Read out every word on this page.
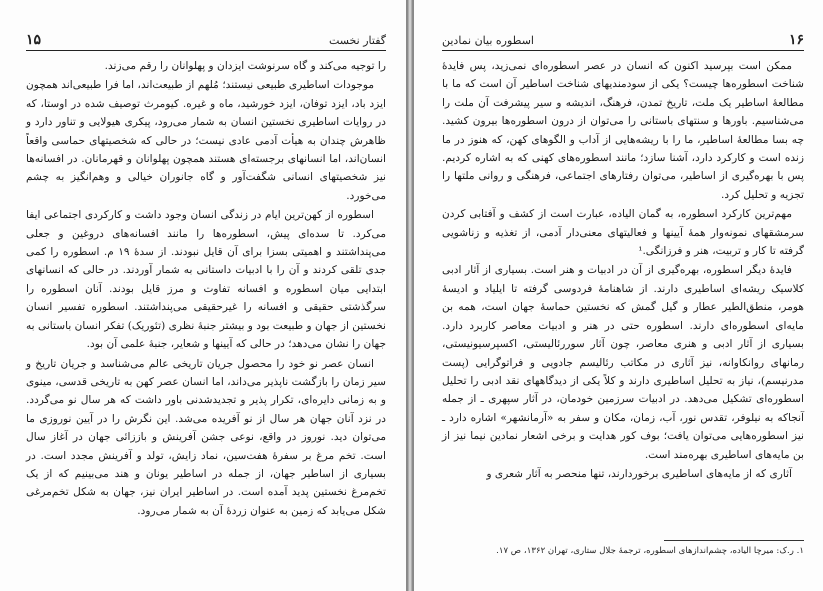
۱۵	گفتار نخست

را توجیه می‌کند و گاه سرنوشت ایزدان و پهلوانان را رقم می‌زند.

موجودات اساطیری طبیعی نیستند؛ مُلهم از طبیعت‌اند، اما فرا طبیعی‌اند همچون ایزد باد، ایزد توفان، ایزد خورشید، ماه و غیره. کیومرث توصیف شده در اوستا، که در روایات اساطیری نخستین انسان به شمار می‌رود، پیکری هیولایی و تناور دارد و ظاهرش چندان به هیأت آدمی عادی نیست؛ در حالی که شخصیتهای حماسی واقعاً انسان‌اند، اما انسانهای برجسته‌ای هستند همچون پهلوانان و قهرمانان. در افسانه‌ها نیز شخصیتهای انسانی شگفت‌آور و گاه جانوران خیالی و وهم‌انگیز به چشم می‌خورد.

اسطوره از کهن‌ترین ایام در زندگی انسان وجود داشت و کارکردی اجتماعی ایفا می‌کرد. تا سده‌ای پیش، اسطوره‌ها را مانند افسانه‌های دروغین و جعلی می‌پنداشتند و اهمیتی بسزا برای آن قایل نبودند. از سدۀ ۱۹ م. اسطوره را کمی جدی تلقی کردند و آن را با ادبیات داستانی به شمار آوردند. در حالی که انسانهای ابتدایی میان اسطوره و افسانه تفاوت و مرز قایل بودند. آنان اسطوره را سرگذشتی حقیقی و افسانه را غیرحقیقی می‌پنداشتند. اسطوره تفسیر انسان نخستین از جهان و طبیعت بود و بیشتر جنبۀ نظری (تئوریک) تفکر انسان باستانی به جهان را نشان می‌دهد؛ در حالی که آیینها و شعایر، جنبۀ علمی آن بود.

انسان عصر نو خود را محصول جریان تاریخی عالم می‌شناسد و جریان تاریخ و سیر زمان را بازگشت ناپذیر می‌داند، اما انسان عصر کهن به تاریخی قدسی، مینوی و به زمانی دایره‌ای، تکرار پذیر و تجدیدشدنی باور داشت که هر سال نو می‌گردد. در نزد آنان جهان هر سال از نو آفریده می‌شد. این نگرش را در آیین نوروزی ما می‌توان دید. نوروز در واقع، نوعی جشن آفرینش و باززائی جهان در آغاز سال است. تخم مرغ بر سفرۀ هفت‌سین، نماد زایش، تولد و آفرینش مجدد است. در بسیاری از اساطیر جهان، از جمله در اساطیر یونان و هند می‌بینیم که از یک تخم‌مرغ نخستین پدید آمده است. در اساطیر ایران نیز، جهان به شکل تخم‌مرغی شکل می‌یابد که زمین به عنوان زردۀ آن به شمار می‌رود.

اسطوره بیان نمادین	۱۶

ممکن است بپرسید اکنون که انسان در عصر اسطوره‌ای نمی‌زید، پس فایدۀ شناخت اسطوره‌ها چیست؟ یکی از سودمندیهای شناخت اساطیر آن است که ما با مطالعۀ اساطیر یک ملت، تاریخ تمدن، فرهنگ، اندیشه و سیر پیشرفت آن ملت را می‌شناسیم. باورها و سنتهای باستانی را می‌توان از درون اسطوره‌ها بیرون کشید. چه بسا مطالعۀ اساطیر، ما را با ریشه‌هایی از آداب و الگوهای کهن، که هنوز در ما زنده است و کارکرد دارد، آشنا سازد؛ مانند اسطوره‌های کهنی که به اشاره کردیم. پس با بهره‌گیری از اساطیر، می‌توان رفتارهای اجتماعی، فرهنگی و روانی ملتها را تجزیه و تحلیل کرد.

مهم‌ترین کارکرد اسطوره، به گمان الیاده، عبارت است از کشف و آفتابی کردن سرمشقهای نمونه‌وار همۀ آیینها و فعالیتهای معنی‌دار آدمی، از تغذیه و زناشویی گرفته تا کار و تربیت، هنر و فرزانگی.¹

فایدۀ دیگر اسطوره، بهره‌گیری از آن در ادبیات و هنر است. بسیاری از آثار ادبی کلاسیک ریشه‌ای اساطیری دارند. از شاهنامۀ فردوسی گرفته تا ایلیاد و ادیسۀ هومر، منطق‌الطیر عطار و گیل گمش که نخستین حماسۀ جهان است، همه بن مایه‌ای اسطوره‌ای دارند. اسطوره حتی در هنر و ادبیات معاصر کاربرد دارد. بسیاری از آثار ادبی و هنری معاصر، چون آثار سوررئالیستی، اکسپرسیونیستی، رمانهای روانکاوانه، نیز آثاری در مکاتب رئالیسم جادویی و فراتوگرایی (پست مدرنیسم)، نیاز به تحلیل اساطیری دارند و کلاً یکی از دیدگاههای نقد ادبی را تحلیل اسطوره‌ای تشکیل می‌دهد. در ادبیات سرزمین خودمان، در آثار سپهری ـ از جمله آنجاکه به نیلوفر، تقدس نور، آب، زمان، مکان و سفر به «آرمانشهر» اشاره دارد ـ نیز اسطوره‌هایی می‌توان یافت؛ بوف کور هدایت و برخی اشعار نمادین نیما نیز از بن مایه‌های اساطیری بهره‌مند است.

آثاری که از مایه‌های اساطیری برخوردارند، تنها منحصر به آثار شعری و

۱. ر.ک: میرچا الیاده، چشم‌اندازهای اسطوره، ترجمۀ جلال ستاری، تهران ۱۳۶۲، ص ۱۷.
